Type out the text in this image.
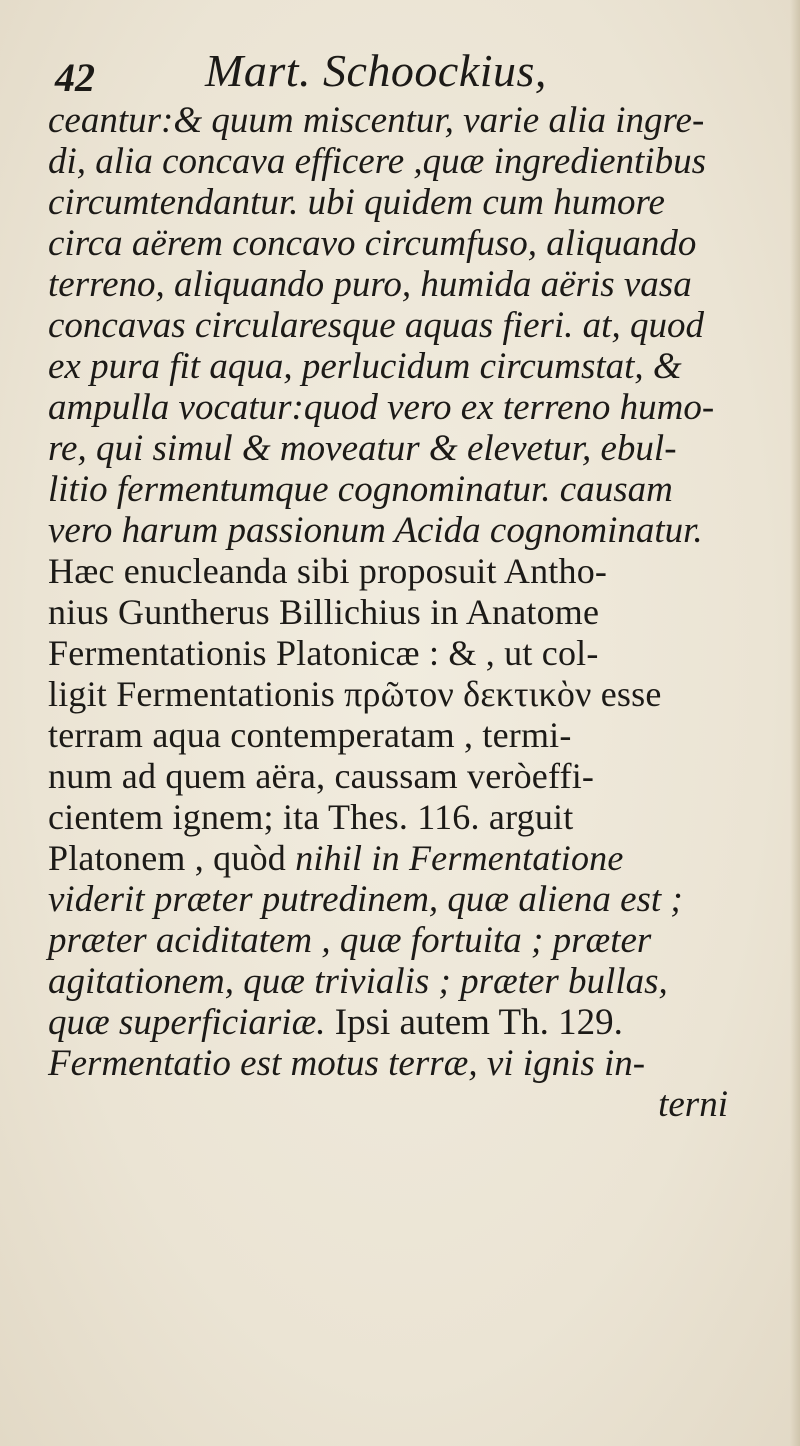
42 Mart. Schoockius,
ceantur:& quum miscentur, varie alia ingre-
di, alia concava efficere ,quæ ingredientibus
circumtendantur. ubi quidem cum humore
circa aërem concavo circumfuso, aliquando
terreno, aliquando puro, humida aëris vasa
concavas circularesque aquas fieri. at, quod
ex pura fit aqua, perlucidum circumstat, &
ampulla vocatur:quod vero ex terreno humo-
re, qui simul & moveatur & elevetur, ebul-
litio fermentumque cognominatur. causam
vero harum passionum Acida cognominatur.
Hæc enucleanda sibi proposuit Antho-
nius Guntherus Billichius in Anatome
Fermentationis Platonicæ : & , ut col-
ligit Fermentationis πρῶτον δεκτικὸν esse
terram aqua contemperatam , termi-
num ad quem aëra, caussam veròeffi-
cientem ignem; ita Thes. 116. arguit
Platonem , quòd nihil in Fermentatione
viderit præter putredinem, quæ aliena est ;
præter aciditatem , quæ fortuita ; præter
agitationem, quæ trivialis ; præter bullas,
quæ superficiariæ. Ipsi autem Th. 129.
Fermentatio est motus terræ, vi ignis in-
terni
